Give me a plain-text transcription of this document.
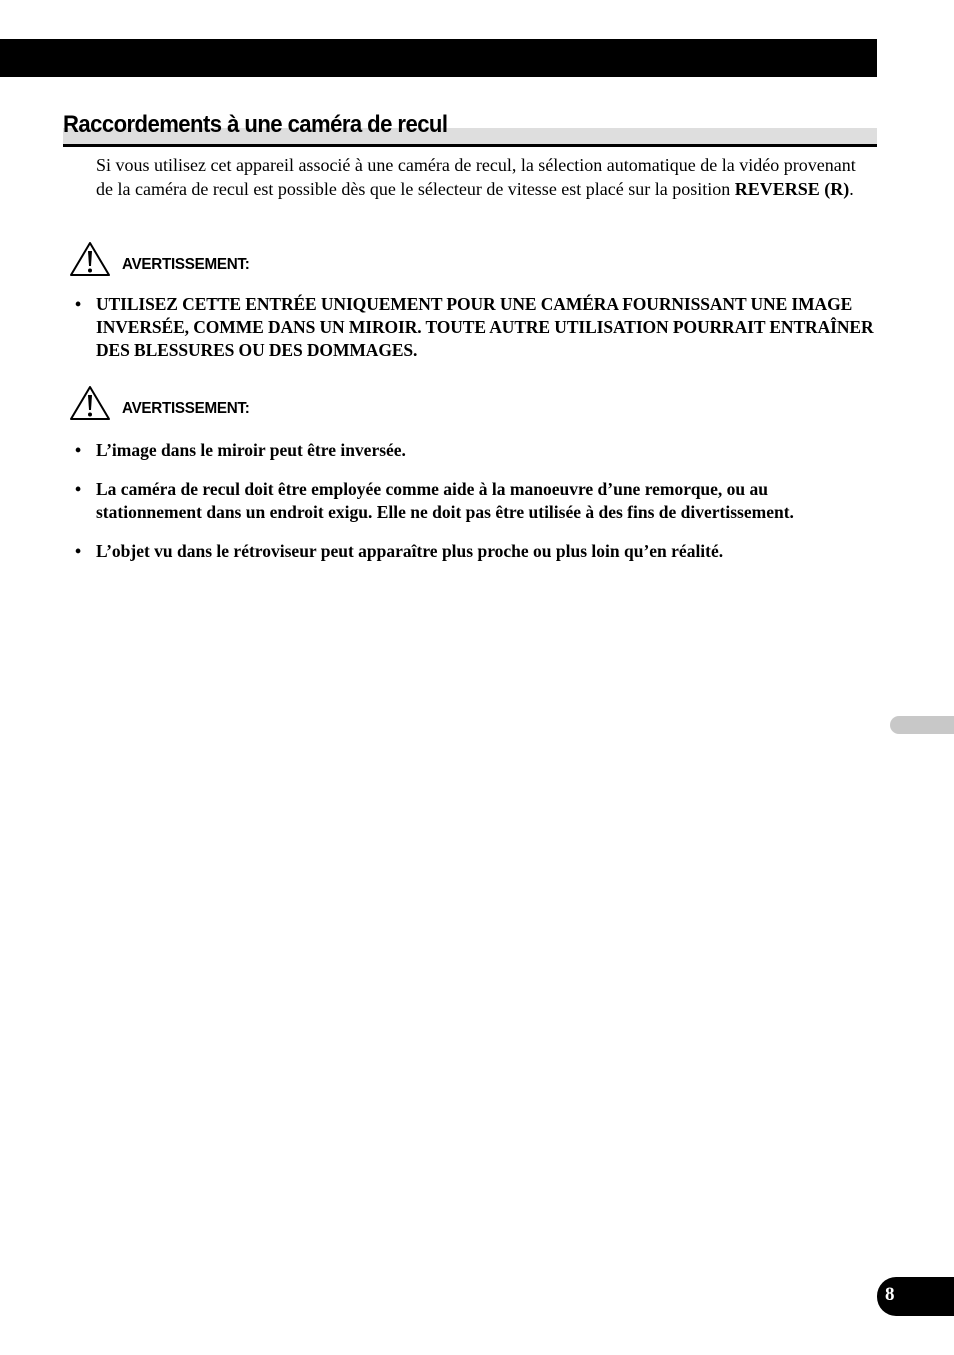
Raccordements à une caméra de recul

Si vous utilisez cet appareil associé à une caméra de recul, la sélection automatique de la vidéo provenant de la caméra de recul est possible dès que le sélecteur de vitesse est placé sur la position REVERSE (R).

AVERTISSEMENT:
• UTILISEZ CETTE ENTRÉE UNIQUEMENT POUR UNE CAMÉRA FOURNISSANT UNE IMAGE INVERSÉE, COMME DANS UN MIROIR. TOUTE AUTRE UTILISATION POURRAIT ENTRAÎNER DES BLESSURES OU DES DOMMAGES.
AVERTISSEMENT:
• L’image dans le miroir peut être inversée.
• La caméra de recul doit être employée comme aide à la manoeuvre d’une remorque, ou au stationnement dans un endroit exigu. Elle ne doit pas être utilisée à des fins de divertissement.
• L’objet vu dans le rétroviseur peut apparaître plus proche ou plus loin qu’en réalité.
8
